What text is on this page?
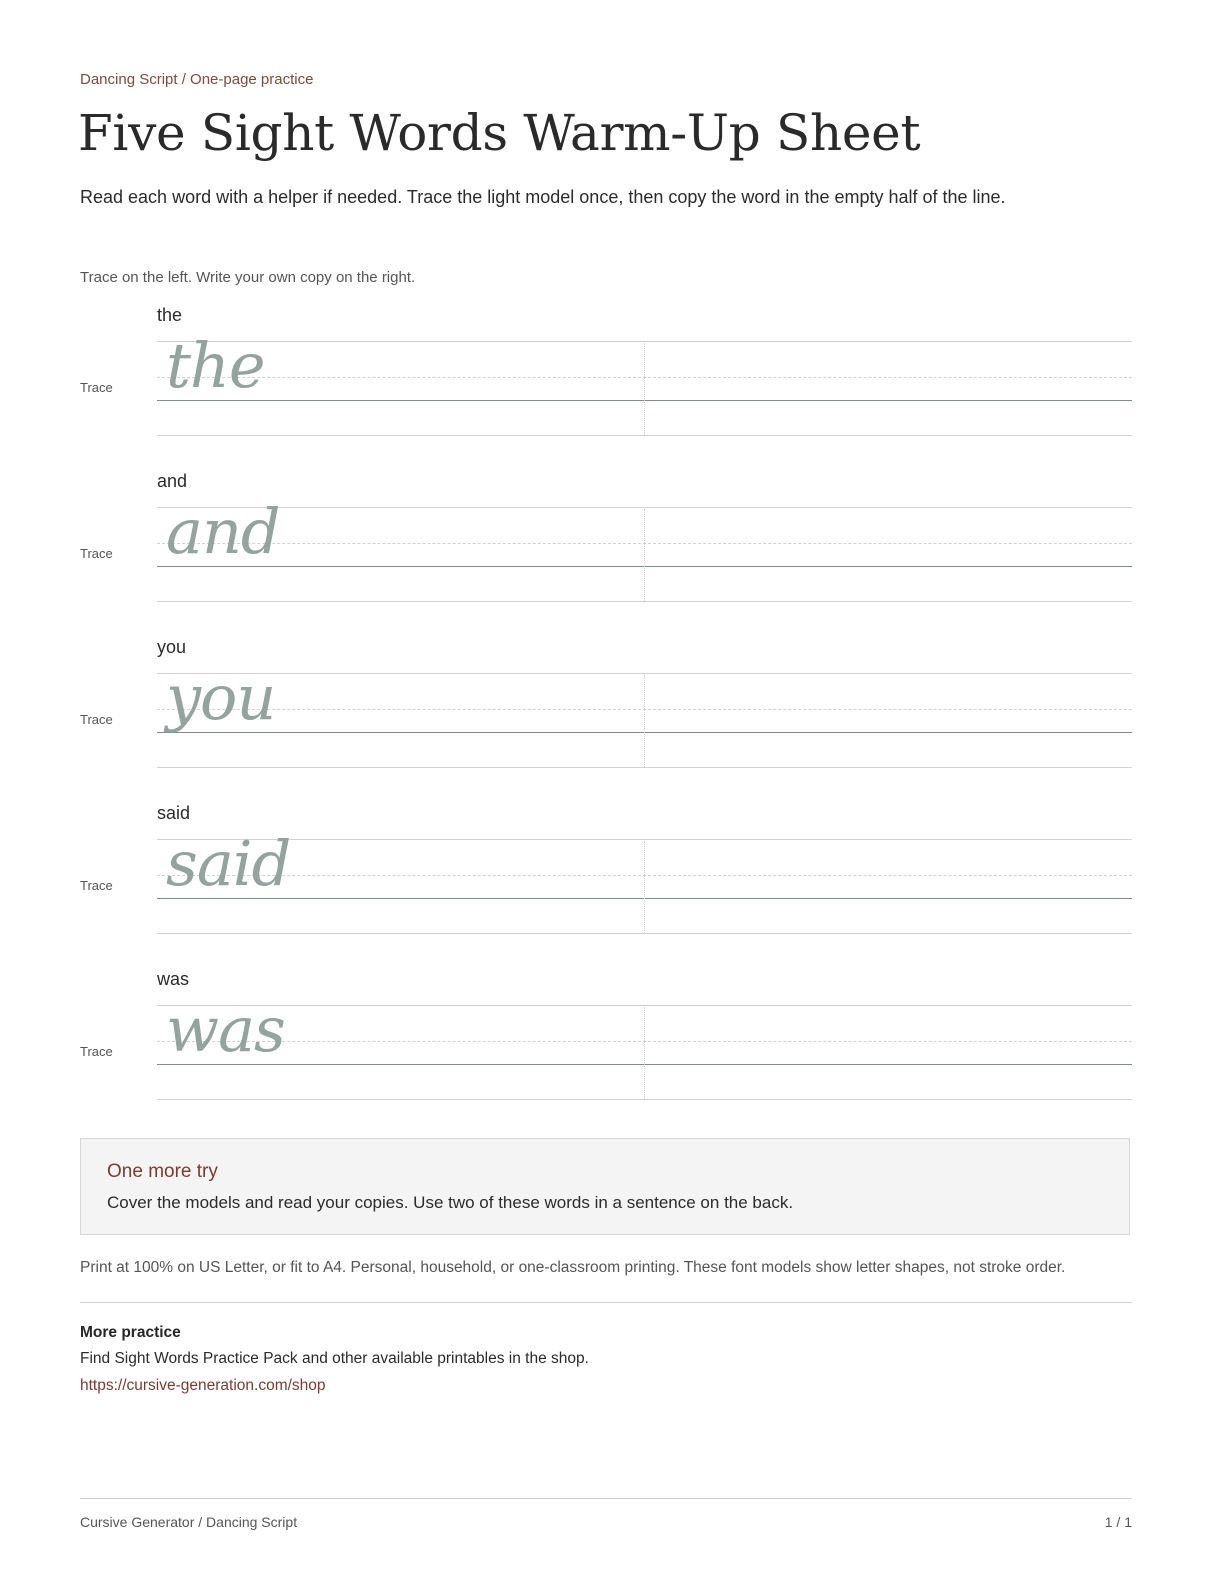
Dancing Script / One-page practice
Five Sight Words Warm-Up Sheet
Read each word with a helper if needed. Trace the light model once, then copy the word in the empty half of the line.
Trace on the left. Write your own copy on the right.
the
Trace the
and
Trace and
you
Trace you
said
Trace said
was
Trace was
One more try
Cover the models and read your copies. Use two of these words in a sentence on the back.
Print at 100% on US Letter, or fit to A4. Personal, household, or one-classroom printing. These font models show letter shapes, not stroke order.
More practice
Find Sight Words Practice Pack and other available printables in the shop.
https://cursive-generation.com/shop
Cursive Generator / Dancing Script	1 / 1
